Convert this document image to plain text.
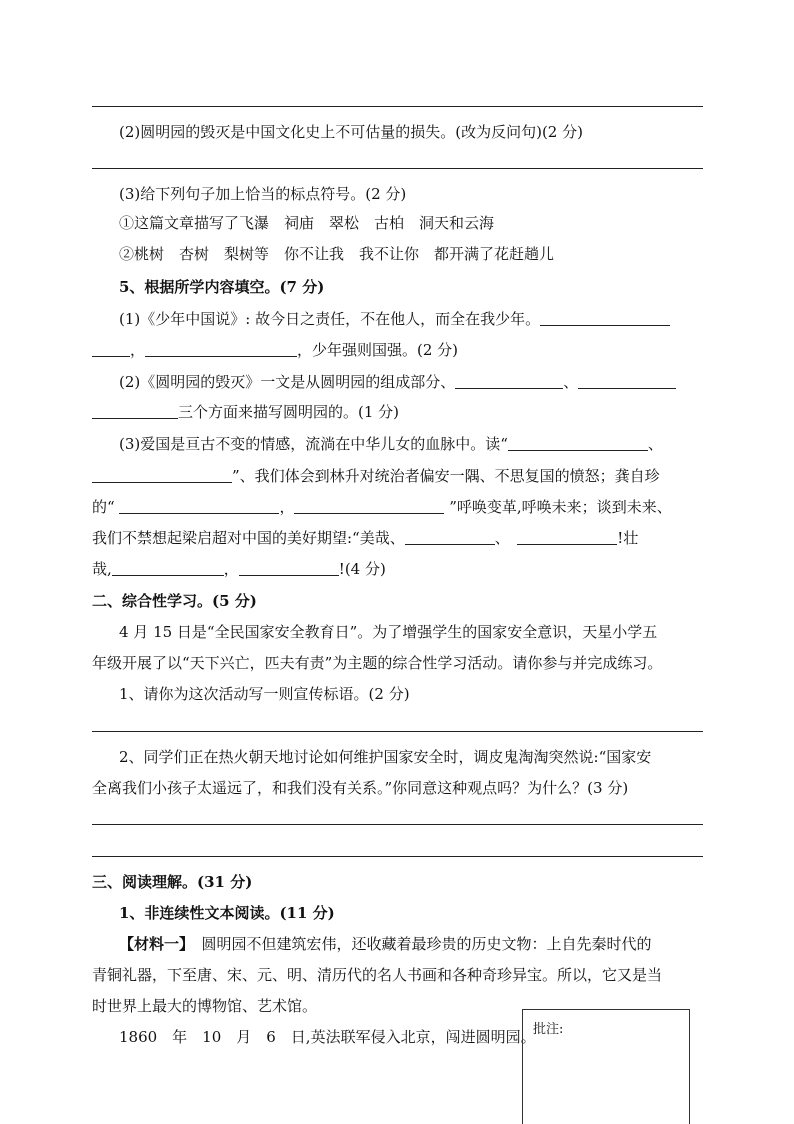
(2)圆明园的毁灭是中国文化史上不可估量的损失。(改为反问句)(2 分)
(3)给下列句子加上恰当的标点符号。(2 分)
①这篇文章描写了飞瀑　祠庙　翠松　古柏　洞天和云海
②桃树　杏树　梨树等　你不让我　我不让你　都开满了花赶趟儿
5、根据所学内容填空。(7 分)
(1)《少年中国说》: 故今日之责任，不在他人，而全在我少年。
，	，少年强则国强。(2 分)
(2)《圆明园的毁灭》一文是从圆明园的组成部分、	、
三个方面来描写圆明园的。(1 分)
(3)爱国是亘古不变的情感，流淌在中华儿女的血脉中。读“	、
”、我们体会到林升对统治者偏安一隅、不思复国的愤怒；龚自珍
的“	，	”呼唤变革,呼唤未来；谈到未来、
我们不禁想起梁启超对中国的美好期望:“美哉、	、　	!壮
哉,	，	!(4 分)
二、综合性学习。(5 分)
4 月 15 日是“全民国家安全教育日”。为了增强学生的国家安全意识，天星小学五
年级开展了以“天下兴亡，匹夫有责”为主题的综合性学习活动。请你参与并完成练习。
1、请你为这次活动写一则宣传标语。(2 分)
2、同学们正在热火朝天地讨论如何维护国家安全时，调皮鬼淘淘突然说:“国家安
全离我们小孩子太遥远了，和我们没有关系。”你同意这种观点吗？为什么？(3 分)
三、阅读理解。(31 分)
1、非连续性文本阅读。(11 分)
【材料一】　圆明园不但建筑宏伟，还收藏着最珍贵的历史文物：上自先秦时代的
青铜礼器，下至唐、宋、元、明、清历代的名人书画和各种奇珍异宝。所以，它又是当
时世界上最大的博物馆、艺术馆。
1860　年　10　月　6　日,英法联军侵入北京，闯进圆明园。
批注:
